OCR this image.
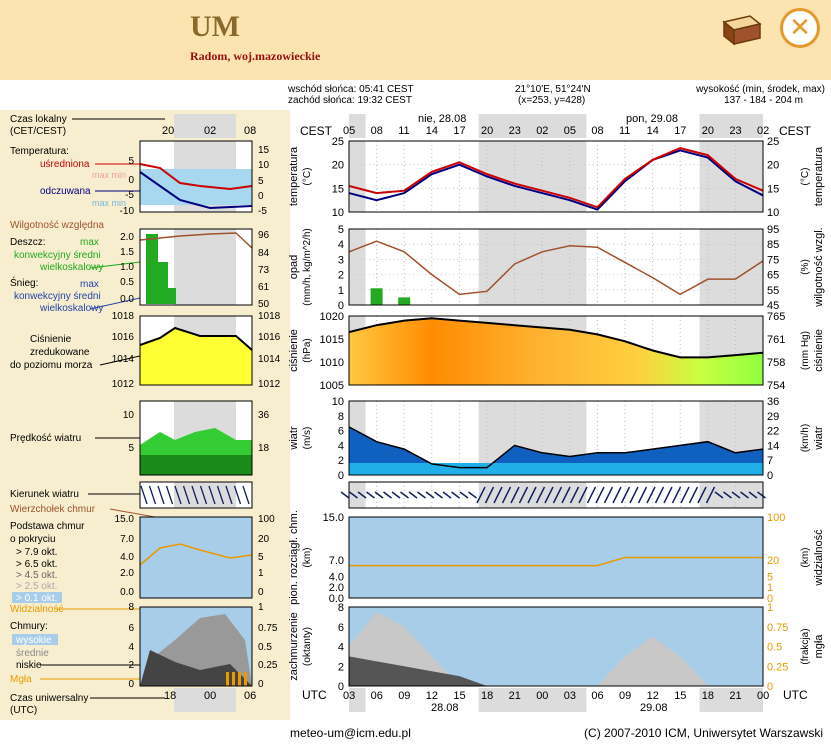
UM
Radom, woj.mazowieckie
✕
wschód słońca: 05:41 CEST
zachód słońca: 19:32 CEST
21°10'E, 51°24'N
(x=253, y=428)
wysokość (min, środek, max)
137 - 184 - 204 m
Czas lokalny
(CET/CEST)
Temperatura:
uśredniona
max min
odczuwana
max min
Wilgotność względna
Deszcz:	max
konwekcyjny średni
wielkoskalowy
Śnieg:	max
konwekcyjny średni
wielkoskalowy
Ciśnienie
zredukowane
do poziomu morza
Prędkość wiatru
Kierunek wiatru
Wierzchołek chmur
Podstawa chmur
o pokryciu
> 7.9 okt.
> 6.5 okt.
> 4.5 okt.
> 2.5 okt.
> 0.1 okt.
Widzialność
Chmury:
wysokie
średnie
niskie
Mgła
Czas uniwersalny
(UTC)
20	02	08
18	00	06
5
0
-5
-10
2.0
1.5
1.0
0.5
0.0
1018
1016
1014
1012
10
5
15.0
7.0
4.0
2.0
0.0
8
6
4
2
0
15
10
5
0
-5
96
84
73
61
50
1018
1016
1014
1012
36
18
100
20
5
1
0
1
0.75
0.5
0.25
0
05 08 11 14 17 20 23 02 05 08 11 14 17 20 23 02
03 06 09 12 15 18 21 00 03 06 09 12 15 18 21 00
CEST	CEST
UTC	UTC
nie, 28.08	pon, 29.08
28.08	29.08
10
15
20
25
10
15
20
25
0
1
2
3
4
5
45
55
65
75
85
95
1005
1010
1015
1020
754
758
761
765
0
2
4
6
8
10
0
7
14
22
29
36
0.0
2.0
4.0
7.0
15.0
0
1
5
20
100
0
2
4
6
8
0
0.25
0.5
0.75
1
temperatura (°C)	(°C) temperatura
opad (mm/h, kg/m^2/h)	(%) wilgotność wzgl.
ciśnienie (hPa)	(mm Hg) ciśnienie
wiatr (m/s)	(km/h) wiatr
pion. rozciągł. chm. (km)	(km) widzialność
zachmurzenie (oktanty)	(frakcja) mgła
meteo-um@icm.edu.pl	(C) 2007-2010 ICM, Uniwersytet Warszawski
